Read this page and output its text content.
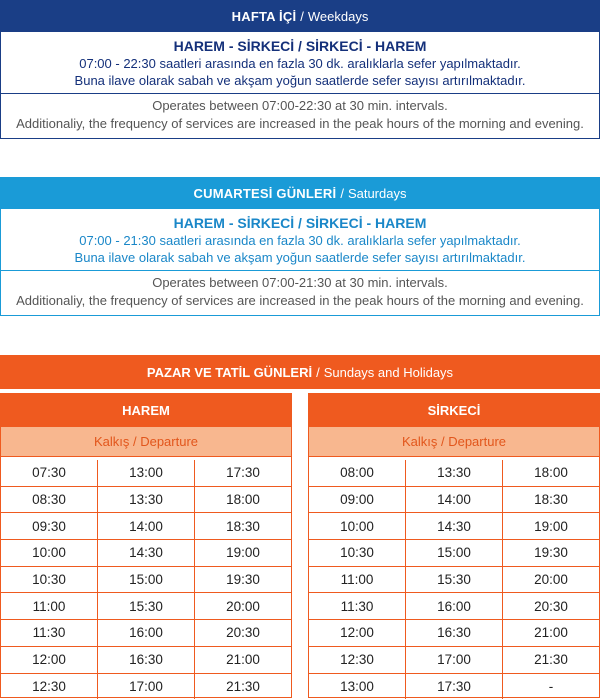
HAFTA İÇİ / Weekdays
HAREM - SİRKECİ / SİRKECİ - HAREM
07:00 - 22:30 saatleri arasında en fazla 30 dk. aralıklarla sefer yapılmaktadır.
Buna ilave olarak sabah ve akşam yoğun saatlerde sefer sayısı artırılmaktadır.
Operates between 07:00-22:30 at 30 min. intervals.
Additionaliy, the frequency of services are increased in the peak hours of the morning and evening.
CUMARTESİ GÜNLERİ / Saturdays
HAREM - SİRKECİ / SİRKECİ - HAREM
07:00 - 21:30 saatleri arasında en fazla 30 dk. aralıklarla sefer yapılmaktadır.
Buna ilave olarak sabah ve akşam yoğun saatlerde sefer sayısı artırılmaktadır.
Operates between 07:00-21:30 at 30 min. intervals.
Additionaliy, the frequency of services are increased in the peak hours of the morning and evening.
PAZAR VE TATİL GÜNLERİ / Sundays and Holidays
HAREM
Kalkış / Departure
07:30	13:00	17:30
08:30	13:30	18:00
09:30	14:00	18:30
10:00	14:30	19:00
10:30	15:00	19:30
11:00	15:30	20:00
11:30	16:00	20:30
12:00	16:30	21:00
12:30	17:00	21:30
SİRKECİ
Kalkış / Departure
08:00	13:30	18:00
09:00	14:00	18:30
10:00	14:30	19:00
10:30	15:00	19:30
11:00	15:30	20:00
11:30	16:00	20:30
12:00	16:30	21:00
12:30	17:00	21:30
13:00	17:30	-
